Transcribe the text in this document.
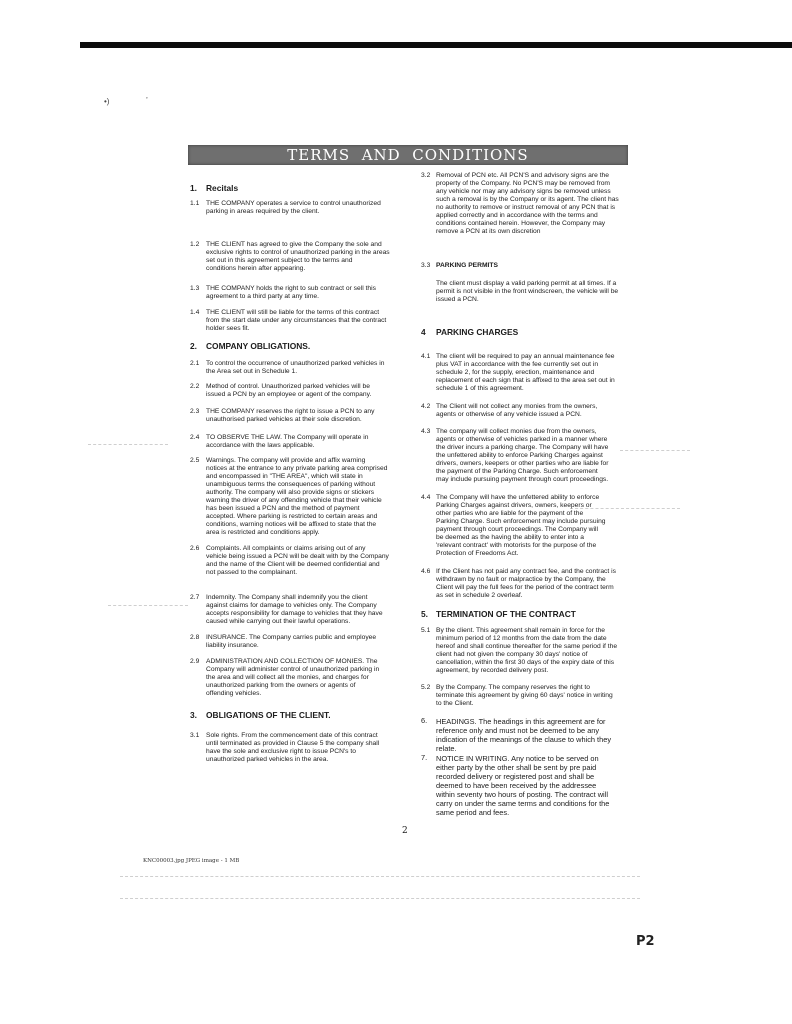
•)	’
TERMS  AND  CONDITIONS
1. Recitals
1.1 THE COMPANY operates a service to control unauthorized
parking in areas required by the client.
1.2 THE CLIENT has agreed to give the Company the sole and
exclusive rights to control of unauthorized parking in the areas
set out in this agreement subject to the terms and
conditions herein after appearing.
1.3 THE COMPANY holds the right to sub contract or sell this
agreement to a third party at any time.
1.4 THE CLIENT will still be liable for the terms of this contract
from the start date under any circumstances that the contract
holder sees fit.
2. COMPANY OBLIGATIONS.
2.1 To control the occurrence of unauthorized parked vehicles in
the Area set out in Schedule 1.
2.2 Method of control. Unauthorized parked vehicles will be
issued a PCN by an employee or agent of the company.
2.3 THE COMPANY reserves the right to issue a PCN to any
unauthorised parked vehicles at their sole discretion.
2.4 TO OBSERVE THE LAW. The Company will operate in
accordance with the laws applicable.
2.5 Warnings. The company will provide and affix warning
notices at the entrance to any private parking area comprised
and encompassed in "THE AREA", which will state in
unambiguous terms the consequences of parking without
authority. The company will also provide signs or stickers
warning the driver of any offending vehicle that their vehicle
has been issued a PCN and the method of payment
accepted. Where parking is restricted to certain areas and
conditions, warning notices will be affixed to state that the
area is restricted and conditions apply.
2.6 Complaints. All complaints or claims arising out of any
vehicle being issued a PCN will be dealt with by the Company
and the name of the Client will be deemed confidential and
not passed to the complainant.
2.7 Indemnity. The Company shall indemnify you the client
against claims for damage to vehicles only. The Company
accepts responsibility for damage to vehicles that they have
caused while carrying out their lawful operations.
2.8 INSURANCE. The Company carries public and employee
liability insurance.
2.9 ADMINISTRATION AND COLLECTION OF MONIES. The
Company will administer control of unauthorized parking in
the area and will collect all the monies, and charges for
unauthorized parking from the owners or agents of
offending vehicles.
3. OBLIGATIONS OF THE CLIENT.
3.1 Sole rights. From the commencement date of this contract
until terminated as provided in Clause 5 the company shall
have the sole and exclusive right to issue PCN's to
unauthorized parked vehicles in the area.
3.2 Removal of PCN etc. All PCN'S and advisory signs are the
property of the Company. No PCN'S may be removed from
any vehicle nor may any advisory signs be removed unless
such a removal is by the Company or its agent. The client has
no authority to remove or instruct removal of any PCN that is
applied correctly and in accordance with the terms and
conditions contained herein. However, the Company may
remove a PCN at its own discretion
3.3 PARKING PERMITS
The client must display a valid parking permit at all times. If a
permit is not visible in the front windscreen, the vehicle will be
issued a PCN.
4 PARKING CHARGES
4.1 The client will be required to pay an annual maintenance fee
plus VAT in accordance with the fee currently set out in
schedule 2, for the supply, erection, maintenance and
replacement of each sign that is affixed to the area set out in
schedule 1 of this agreement.
4.2 The Client will not collect any monies from the owners,
agents or otherwise of any vehicle issued a PCN.
4.3 The company will collect monies due from the owners,
agents or otherwise of vehicles parked in a manner where
the driver incurs a parking charge. The Company will have
the unfettered ability to enforce Parking Charges against
drivers, owners, keepers or other parties who are liable for
the payment of the Parking Charge. Such enforcement
may include pursuing payment through court proceedings.
4.4 The Company will have the unfettered ability to enforce
Parking Charges against drivers, owners, keepers or
other parties who are liable for the payment of the
Parking Charge. Such enforcement may include pursuing
payment through court proceedings. The Company will
be deemed as the having the ability to enter into a
'relevant contract' with motorists for the purpose of the
Protection of Freedoms Act.
4.6 If the Client has not paid any contract fee, and the contract is
withdrawn by no fault or malpractice by the Company, the
Client will pay the full fees for the period of the contract term
as set in schedule 2 overleaf.
5. TERMINATION OF THE CONTRACT
5.1 By the client. This agreement shall remain in force for the
minimum period of 12 months from the date from the date
hereof and shall continue thereafter for the same period if the
client had not given the company 30 days' notice of
cancellation, within the first 30 days of the expiry date of this
agreement, by recorded delivery post.
5.2 By the Company. The company reserves the right to
terminate this agreement by giving 60 days' notice in writing
to the Client.
6. HEADINGS. The headings in this agreement are for
reference only and must not be deemed to be any
indication of the meanings of the clause to which they
relate.
7. NOTICE IN WRITING. Any notice to be served on
either party by the other shall be sent by pre paid
recorded delivery or registered post and shall be
deemed to have been received by the addressee
within seventy two hours of posting. The contract will
carry on under the same terms and conditions for the
same period and fees.
2
KNC00003.jpg JPEG image - 1 MB
P2
